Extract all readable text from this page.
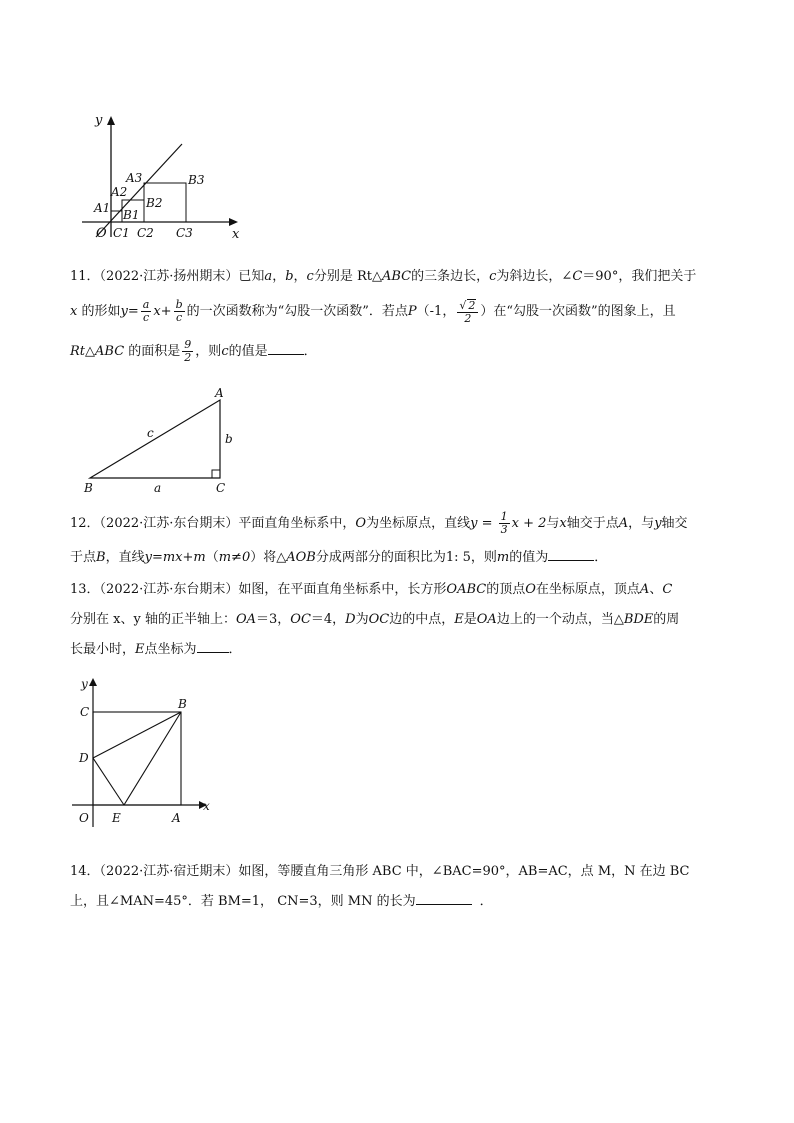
y
x
O
A1
A2
A3
B1
B2
B3
C1 C2 C3

11．（2022·江苏·扬州期末）已知a，b，c分别是 Rt△ABC的三条边长，c为斜边长，∠C＝90°，我们把关于

x 的形如$y= \frac{a}{c} x+ \frac{b}{c}$ 的一次函数称为“勾股一次函数”．若点P（-1， $\frac{√ 2}{2}$ ）在“勾股一次函数”的图象上，且

Rt△ABC 的面积是 $\frac{9}{2}$ ，则c的值是	．

A
B	C
c	b
a

12．（2022·江苏·东台期末）平面直角坐标系中，O为坐标原点，直线$y = \frac{1}{3}$ x + 2与x轴交于点A，与y轴交

于点B，直线y=mx+m（m≠0）将△AOB分成两部分的面积比为1: 5，则m的值为	．

13．（2022·江苏·东台期末）如图，在平面直角坐标系中，长方形OABC的顶点O在坐标原点，顶点A、C

分别在 x、y 轴的正半轴上：OA＝3，OC＝4，D为OC边的中点，E是OA边上的一个动点，当△BDE的周

长最小时，E点坐标为 ．

y
x
C
B
D
O E	A

14．（2022·江苏·宿迁期末）如图，等腰直角三角形 ABC 中，∠BAC=90°，AB=AC，点 M，N 在边 BC

上，且∠MAN=45°．若 BM=1， CN=3，则 MN 的长为	．
